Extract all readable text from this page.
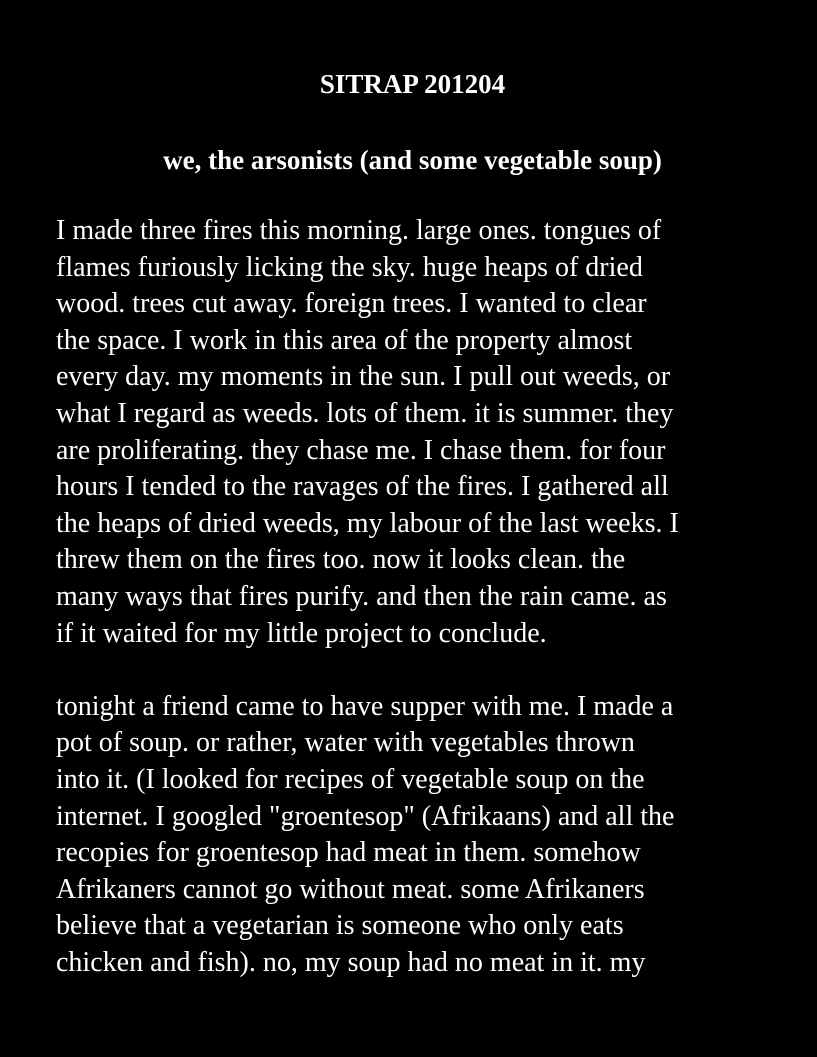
SITRAP 201204
we, the arsonists (and some vegetable soup)
I made three fires this morning. large ones. tongues of
flames furiously licking the sky. huge heaps of dried
wood. trees cut away. foreign trees. I wanted to clear
the space. I work in this area of the property almost
every day. my moments in the sun. I pull out weeds, or
what I regard as weeds. lots of them. it is summer. they
are proliferating. they chase me. I chase them. for four
hours I tended to the ravages of the fires. I gathered all
the heaps of dried weeds, my labour of the last weeks. I
threw them on the fires too. now it looks clean. the
many ways that fires purify. and then the rain came. as
if it waited for my little project to conclude.
tonight a friend came to have supper with me. I made a
pot of soup. or rather, water with vegetables thrown
into it. (I looked for recipes of vegetable soup on the
internet. I googled "groentesop" (Afrikaans) and all the
recopies for groentesop had meat in them. somehow
Afrikaners cannot go without meat. some Afrikaners
believe that a vegetarian is someone who only eats
chicken and fish). no, my soup had no meat in it. my
